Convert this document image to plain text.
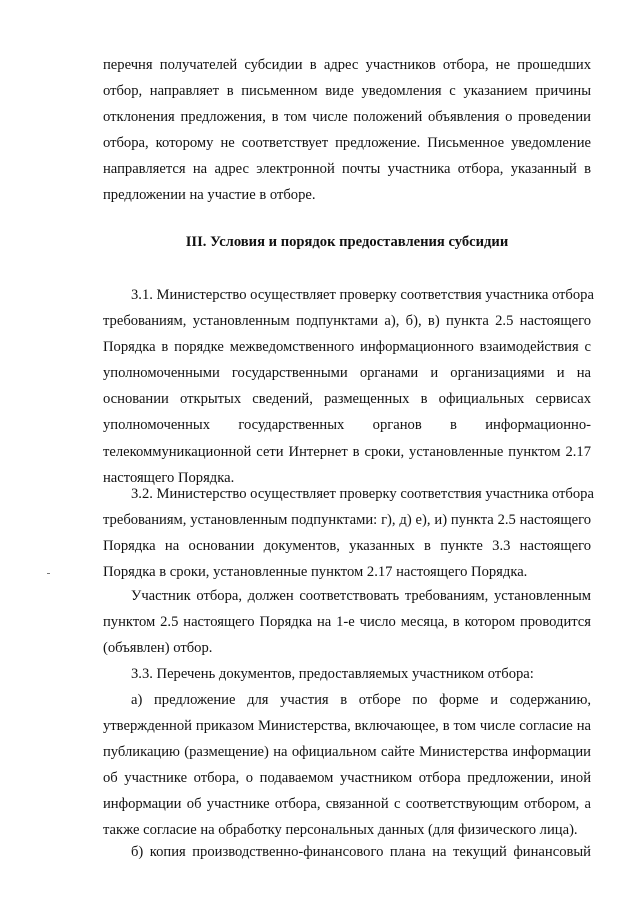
перечня получателей субсидии в адрес участников отбора, не прошедших
отбор, направляет в письменном виде уведомления с указанием причины
отклонения предложения, в том числе положений объявления о проведении
отбора, которому не соответствует предложение. Письменное уведомление
направляется на адрес электронной почты участника отбора, указанный в
предложении на участие в отборе.
III. Условия и порядок предоставления субсидии
3.1. Министерство осуществляет проверку соответствия участника отбора
требованиям, установленным подпунктами а), б), в) пункта 2.5 настоящего
Порядка в порядке межведомственного информационного взаимодействия с
уполномоченными государственными органами и организациями и на
основании открытых сведений, размещенных в официальных сервисах
уполномоченных государственных органов в информационно-
телекоммуникационной сети Интернет в сроки, установленные пунктом 2.17
настоящего Порядка.
3.2. Министерство осуществляет проверку соответствия участника отбора
требованиям, установленным подпунктами: г), д) е), и) пункта 2.5 настоящего
Порядка на основании документов, указанных в пункте 3.3 настоящего
Порядка в сроки, установленные пунктом 2.17 настоящего Порядка.
Участник отбора, должен соответствовать требованиям, установленным
пунктом 2.5 настоящего Порядка на 1-е число месяца, в котором проводится
(объявлен) отбор.
3.3. Перечень документов, предоставляемых участником отбора:
а) предложение для участия в отборе по форме и содержанию,
утвержденной приказом Министерства, включающее, в том числе согласие на
публикацию (размещение) на официальном сайте Министерства информации
об участнике отбора, о подаваемом участником отбора предложении, иной
информации об участнике отбора, связанной с соответствующим отбором, а
также согласие на обработку персональных данных (для физического лица).
б) копия производственно-финансового плана на текущий финансовый
